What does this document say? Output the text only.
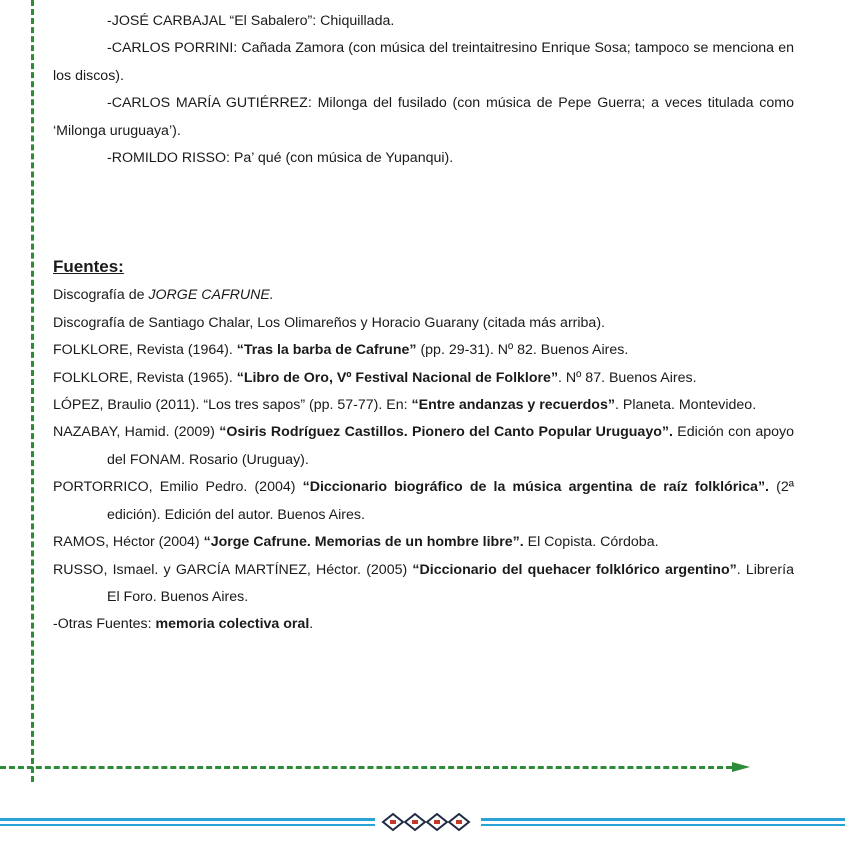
-JOSÉ CARBAJAL “El Sabalero”: Chiquillada.

-CARLOS PORRINI: Cañada Zamora (con música del treintaitresino Enrique Sosa; tampoco se menciona en los discos).

-CARLOS MARÍA GUTIÉRREZ: Milonga del fusilado (con música de Pepe Guerra; a veces titulada como ‘Milonga uruguaya’).

-ROMILDO RISSO: Pa’ qué (con música de Yupanqui).

Fuentes:

Discografía de JORGE CAFRUNE.

Discografía de Santiago Chalar, Los Olimareños y Horacio Guarany (citada más arriba).

FOLKLORE, Revista (1964). “Tras la barba de Cafrune” (pp. 29-31). Nº 82. Buenos Aires.

FOLKLORE, Revista (1965). “Libro de Oro, Vº Festival Nacional de Folklore”. Nº 87. Buenos Aires.

LÓPEZ, Braulio (2011). “Los tres sapos” (pp. 57-77). En: “Entre andanzas y recuerdos”. Planeta. Montevideo.

NAZABAY, Hamid. (2009) “Osiris Rodríguez Castillos. Pionero del Canto Popular Uruguayo”. Edición con apoyo del FONAM. Rosario (Uruguay).

PORTORRICO, Emilio Pedro. (2004) “Diccionario biográfico de la música argentina de raíz folklórica”. (2ª edición). Edición del autor. Buenos Aires.

RAMOS, Héctor (2004) “Jorge Cafrune. Memorias de un hombre libre”. El Copista. Córdoba.

RUSSO, Ismael. y GARCÍA MARTÍNEZ, Héctor. (2005) “Diccionario del quehacer folklórico argentino”. Librería El Foro. Buenos Aires.

-Otras Fuentes: memoria colectiva oral.
